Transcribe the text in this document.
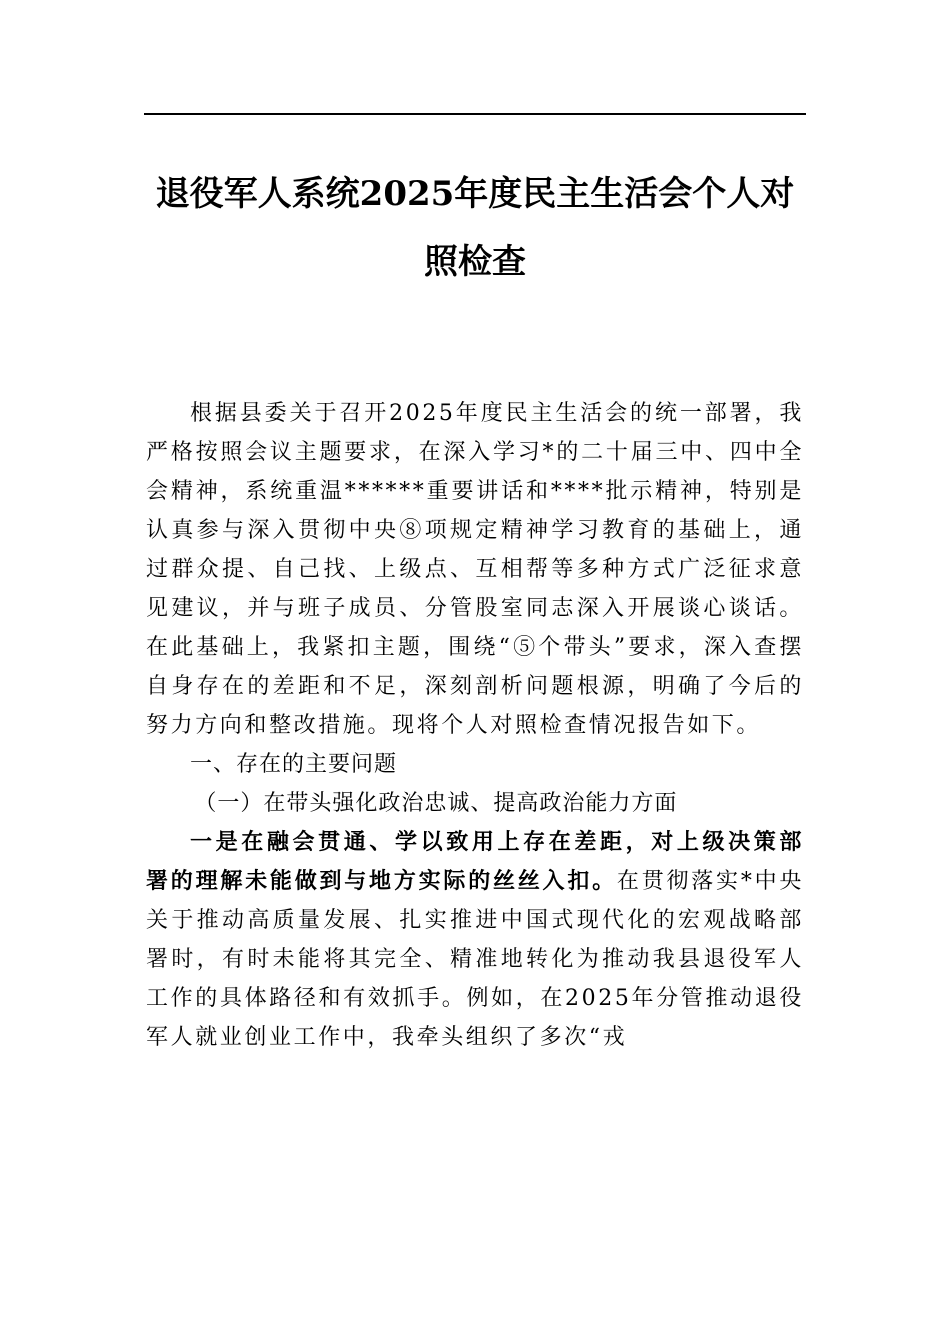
退役军人系统2025年度民主生活会个人对照检查

根据县委关于召开2025年度民主生活会的统一部署，我严格按照会议主题要求，在深入学习*的二十届三中、四中全会精神，系统重温******重要讲话和****批示精神，特别是认真参与深入贯彻中央⑧项规定精神学习教育的基础上，通过群众提、自己找、上级点、互相帮等多种方式广泛征求意见建议，并与班子成员、分管股室同志深入开展谈心谈话。在此基础上，我紧扣主题，围绕“⑤个带头”要求，深入查摆自身存在的差距和不足，深刻剖析问题根源，明确了今后的努力方向和整改措施。现将个人对照检查情况报告如下。

一、存在的主要问题

（一）在带头强化政治忠诚、提高政治能力方面

一是在融会贯通、学以致用上存在差距，对上级决策部署的理解未能做到与地方实际的丝丝入扣。在贯彻落实*中央关于推动高质量发展、扎实推进中国式现代化的宏观战略部署时，有时未能将其完全、精准地转化为推动我县退役军人工作的具体路径和有效抓手。例如，在2025年分管推动退役军人就业创业工作中，我牵头组织了多次“戎
